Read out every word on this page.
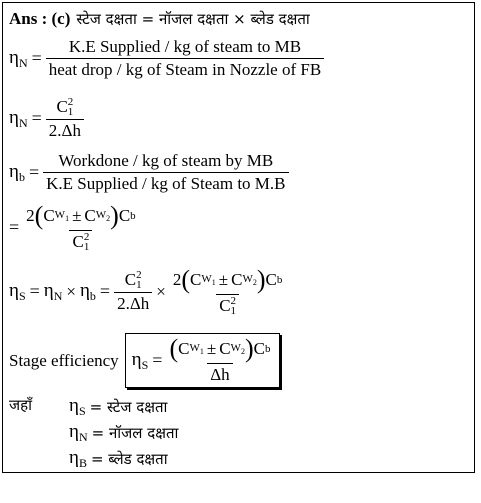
Ans : (c) स्टेज दक्षता = नॉजल दक्षता × ब्लेड दक्षता
$\eta_N = \frac{\text{K.E Supplied / kg of steam to MB}}{\text{heat drop / kg of Steam in Nozzle of FB}}$
$\eta_N = C$ 2
1
2.Δh
$\eta_b = \frac{\text{Workdone / kg of steam by MB}}{\text{K.E Supplied / kg of Steam to M.B}}$
= 2 ( C $W_1 \pm C$ $W_2$ ) C b
C 2
1
$\eta_S = \eta_N \times \eta_b = C$ 2
1
2.Δh × 2 ( C $W_1 \pm C$ $W_2$ ) C b
C 2
1
Stage efficiency $\eta_S = \frac{( C W_1 \pm C W_2 ) C b}{\Delta h}$
जहाँ $\eta_S$ = स्टेज दक्षता
$\eta_N$ = नॉजल दक्षता
$\eta_B$ = ब्लेड दक्षता
